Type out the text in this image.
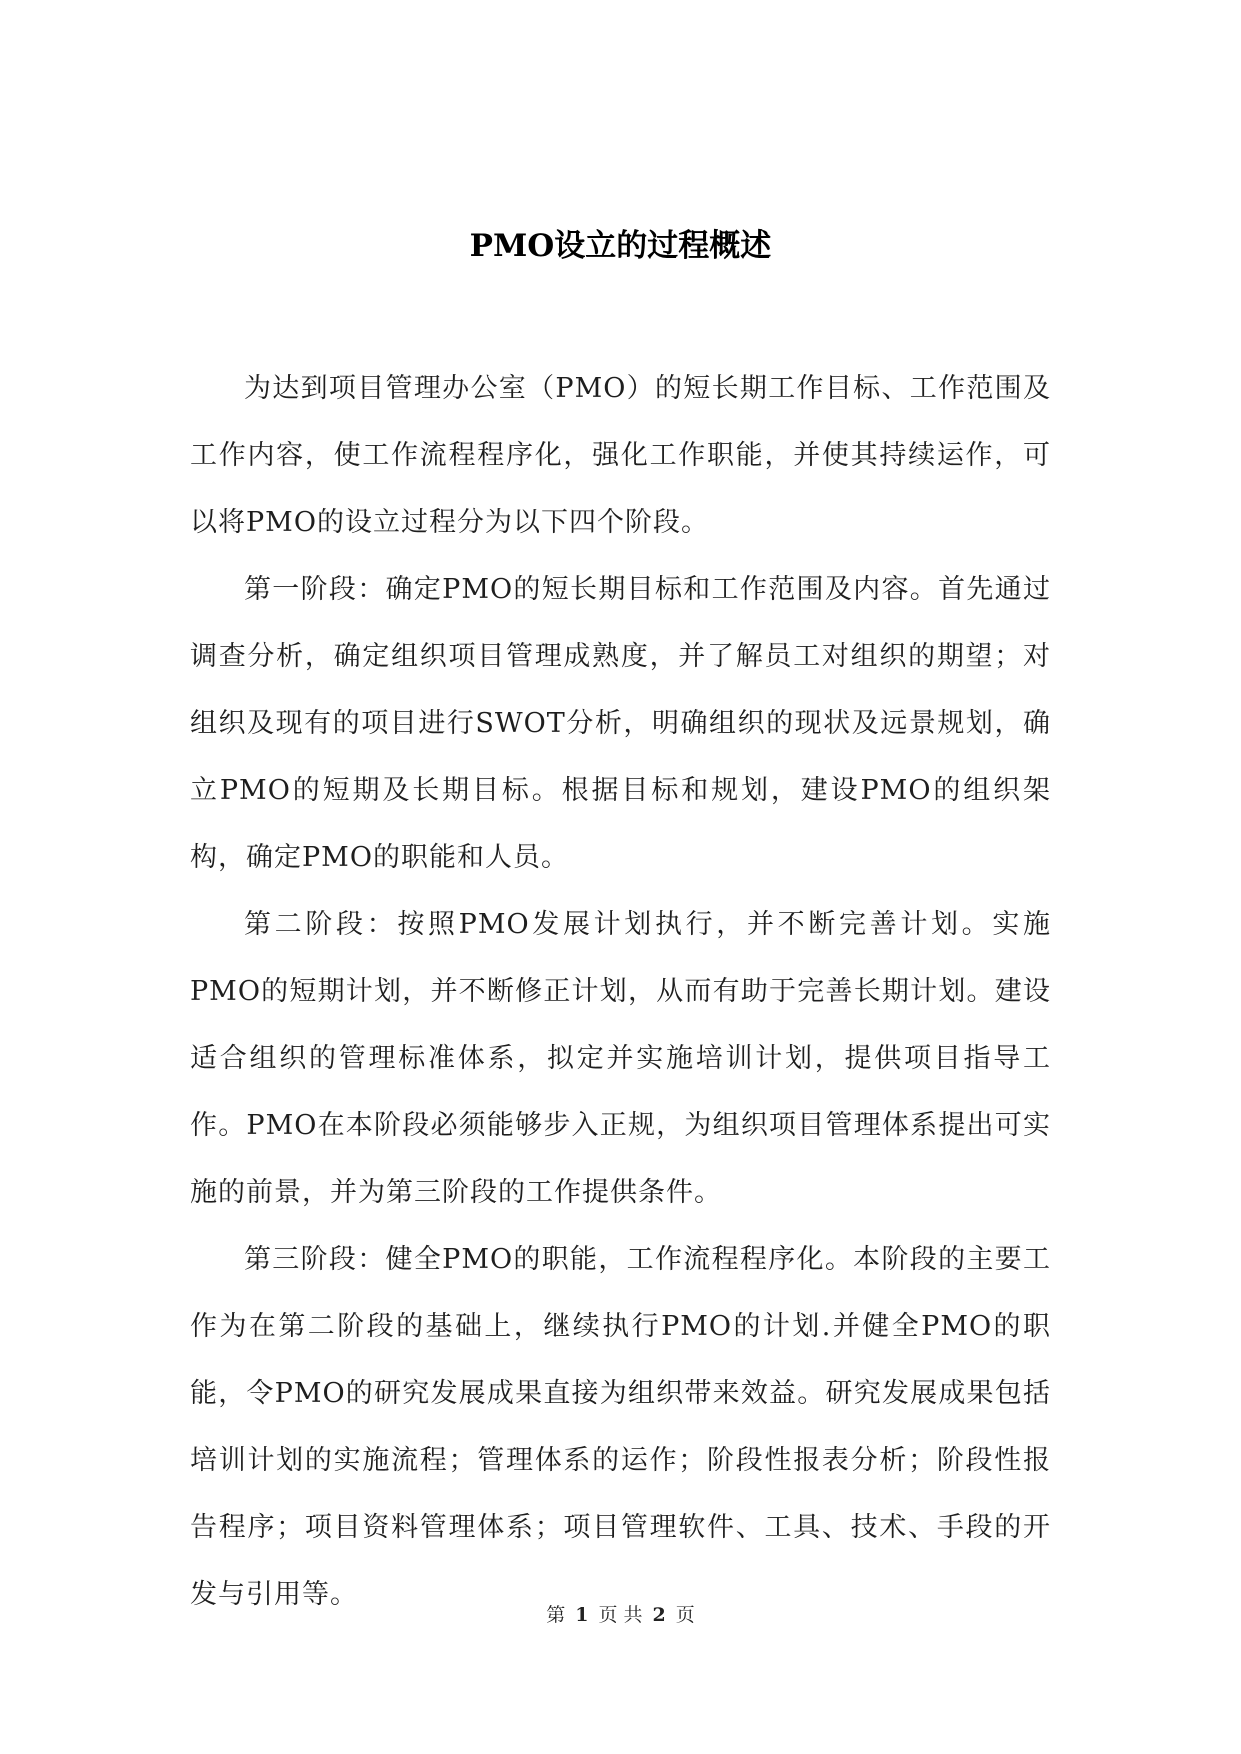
PMO设立的过程概述

为达到项目管理办公室（PMO）的短长期工作目标、工作范围及工作内容，使工作流程程序化，强化工作职能，并使其持续运作，可以将PMO的设立过程分为以下四个阶段。

第一阶段：确定PMO的短长期目标和工作范围及内容。首先通过调查分析，确定组织项目管理成熟度，并了解员工对组织的期望；对组织及现有的项目进行SWOT分析，明确组织的现状及远景规划，确立PMO的短期及长期目标。根据目标和规划，建设PMO的组织架构，确定PMO的职能和人员。

第二阶段：按照PMO发展计划执行，并不断完善计划。实施PMO的短期计划，并不断修正计划，从而有助于完善长期计划。建设适合组织的管理标准体系，拟定并实施培训计划，提供项目指导工作。PMO在本阶段必须能够步入正规，为组织项目管理体系提出可实施的前景，并为第三阶段的工作提供条件。

第三阶段：健全PMO的职能，工作流程程序化。本阶段的主要工作为在第二阶段的基础上，继续执行PMO的计划.并健全PMO的职能，令PMO的研究发展成果直接为组织带来效益。研究发展成果包括培训计划的实施流程；管理体系的运作；阶段性报表分析；阶段性报告程序；项目资料管理体系；项目管理软件、工具、技术、手段的开发与引用等。

第 1 页 共 2 页
